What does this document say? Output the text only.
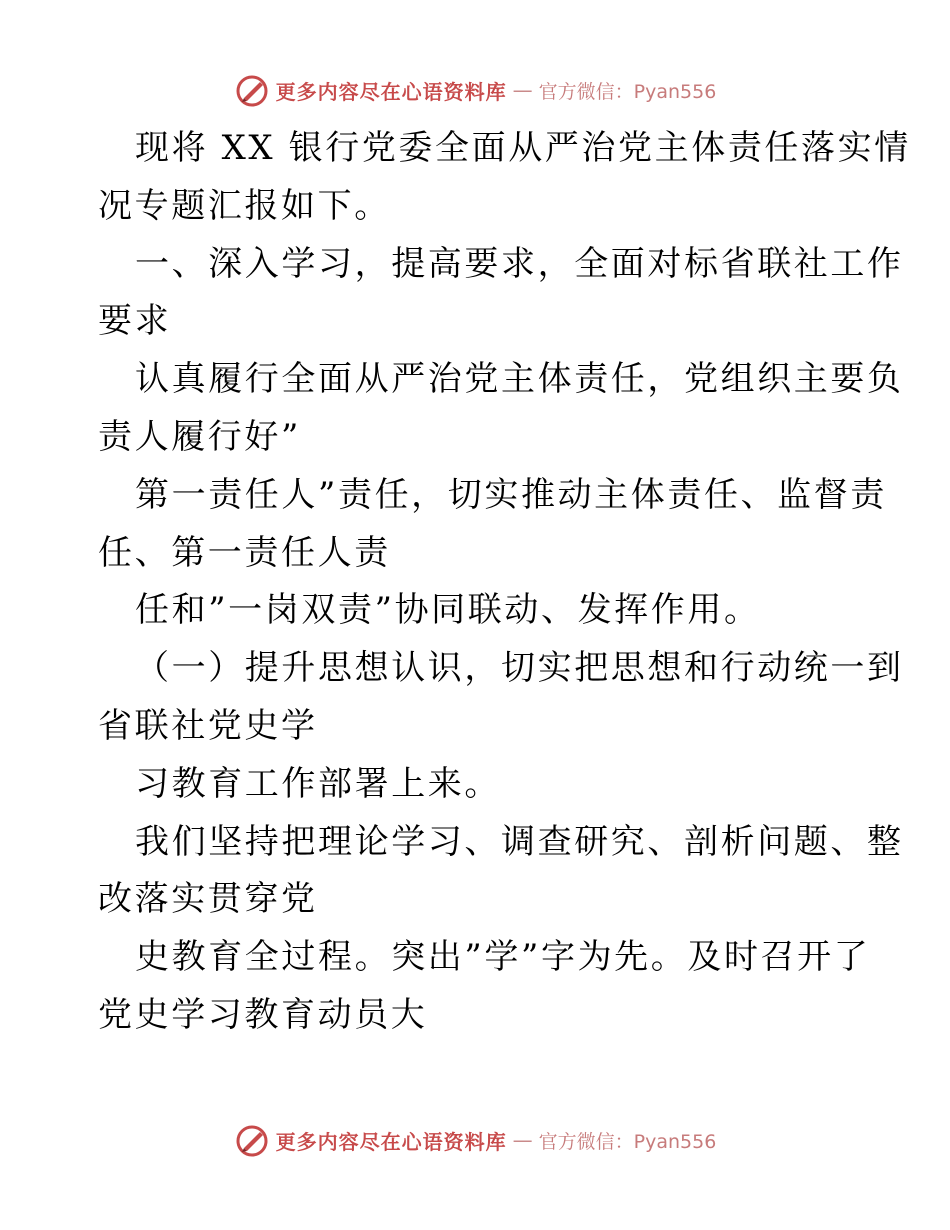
更多内容尽在心语资料库 — 官方微信：Pyan556
现将 XX 银行党委全面从严治党主体责任落实情
况专题汇报如下。
一、深入学习，提高要求，全面对标省联社工作
要求
认真履行全面从严治党主体责任，党组织主要负
责人履行好”
第一责任人”责任，切实推动主体责任、监督责
任、第一责任人责
任和”一岗双责”协同联动、发挥作用。
（一）提升思想认识，切实把思想和行动统一到
省联社党史学
习教育工作部署上来。
我们坚持把理论学习、调查研究、剖析问题、整
改落实贯穿党
史教育全过程。突出”学”字为先。及时召开了
党史学习教育动员大
更多内容尽在心语资料库 — 官方微信：Pyan556
